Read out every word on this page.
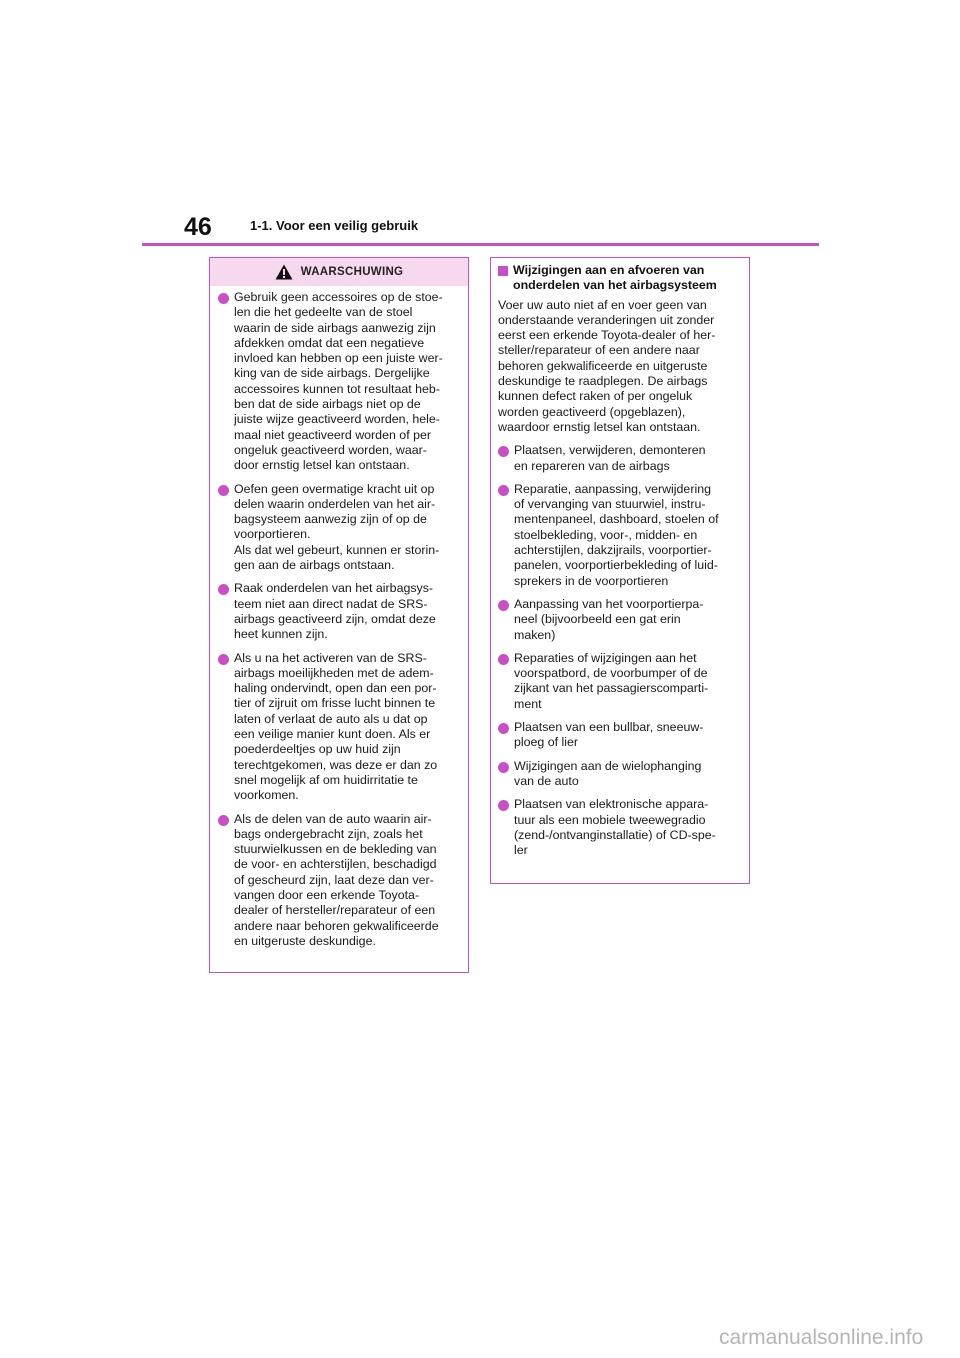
46	1-1. Voor een veilig gebruik
WAARSCHUWING
Gebruik geen accessoires op de stoe-
len die het gedeelte van de stoel
waarin de side airbags aanwezig zijn
afdekken omdat dat een negatieve
invloed kan hebben op een juiste wer-
king van de side airbags. Dergelijke
accessoires kunnen tot resultaat heb-
ben dat de side airbags niet op de
juiste wijze geactiveerd worden, hele-
maal niet geactiveerd worden of per
ongeluk geactiveerd worden, waar-
door ernstig letsel kan ontstaan.
Oefen geen overmatige kracht uit op
delen waarin onderdelen van het air-
bagsysteem aanwezig zijn of op de
voorportieren.
Als dat wel gebeurt, kunnen er storin-
gen aan de airbags ontstaan.
Raak onderdelen van het airbagsys-
teem niet aan direct nadat de SRS-
airbags geactiveerd zijn, omdat deze
heet kunnen zijn.
Als u na het activeren van de SRS-
airbags moeilijkheden met de adem-
haling ondervindt, open dan een por-
tier of zijruit om frisse lucht binnen te
laten of verlaat de auto als u dat op
een veilige manier kunt doen. Als er
poederdeeltjes op uw huid zijn
terechtgekomen, was deze er dan zo
snel mogelijk af om huidirritatie te
voorkomen.
Als de delen van de auto waarin air-
bags ondergebracht zijn, zoals het
stuurwielkussen en de bekleding van
de voor- en achterstijlen, beschadigd
of gescheurd zijn, laat deze dan ver-
vangen door een erkende Toyota-
dealer of hersteller/reparateur of een
andere naar behoren gekwalificeerde
en uitgeruste deskundige.
Wijzigingen aan en afvoeren van
onderdelen van het airbagsysteem
Voer uw auto niet af en voer geen van
onderstaande veranderingen uit zonder
eerst een erkende Toyota-dealer of her-
steller/reparateur of een andere naar
behoren gekwalificeerde en uitgeruste
deskundige te raadplegen. De airbags
kunnen defect raken of per ongeluk
worden geactiveerd (opgeblazen),
waardoor ernstig letsel kan ontstaan.
Plaatsen, verwijderen, demonteren
en repareren van de airbags
Reparatie, aanpassing, verwijdering
of vervanging van stuurwiel, instru-
mentenpaneel, dashboard, stoelen of
stoelbekleding, voor-, midden- en
achterstijlen, dakzijrails, voorportier-
panelen, voorportierbekleding of luid-
sprekers in de voorportieren
Aanpassing van het voorportierpa-
neel (bijvoorbeeld een gat erin
maken)
Reparaties of wijzigingen aan het
voorspatbord, de voorbumper of de
zijkant van het passagierscomparti-
ment
Plaatsen van een bullbar, sneeuw-
ploeg of lier
Wijzigingen aan de wielophanging
van de auto
Plaatsen van elektronische appara-
tuur als een mobiele tweewegradio
(zend-/ontvanginstallatie) of CD-spe-
ler
carmanualsonline.info
